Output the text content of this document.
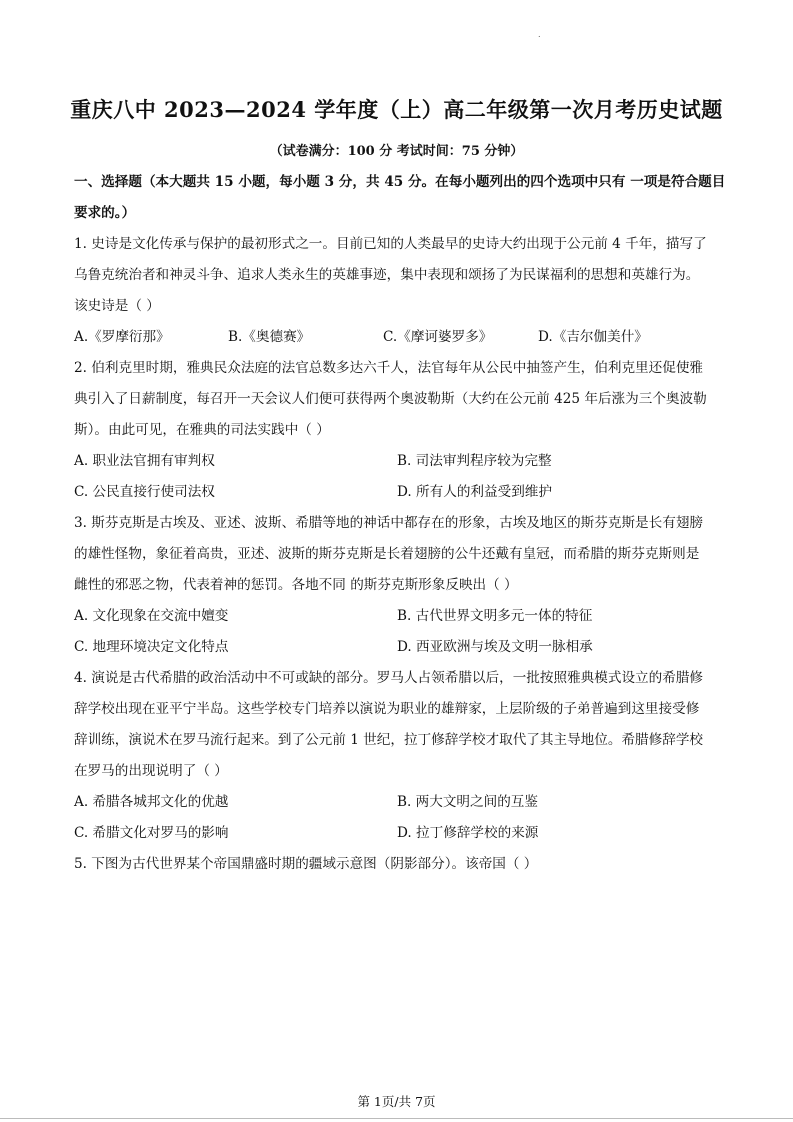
.
重庆八中 2023—2024 学年度（上）高二年级第一次月考历史试题
（试卷满分：100 分 考试时间：75 分钟）
一、选择题（本大题共 15 小题，每小题 3 分，共 45 分。在每小题列出的四个选项中只有 一项是符合题目
要求的。）
1. 史诗是文化传承与保护的最初形式之一。目前已知的人类最早的史诗大约出现于公元前 4 千年，描写了
乌鲁克统治者和神灵斗争、追求人类永生的英雄事迹，集中表现和颂扬了为民谋福利的思想和英雄行为。
该史诗是（ ）
A.《罗摩衍那》	B.《奥德赛》	C.《摩诃婆罗多》	D.《吉尔伽美什》
2. 伯利克里时期，雅典民众法庭的法官总数多达六千人，法官每年从公民中抽签产生，伯利克里还促使雅
典引入了日薪制度，每召开一天会议人们便可获得两个奥波勒斯（大约在公元前 425 年后涨为三个奥波勒
斯）。由此可见，在雅典的司法实践中（ ）
A. 职业法官拥有审判权	B. 司法审判程序较为完整
C. 公民直接行使司法权	D. 所有人的利益受到维护
3. 斯芬克斯是古埃及、亚述、波斯、希腊等地的神话中都存在的形象，古埃及地区的斯芬克斯是长有翅膀
的雄性怪物，象征着高贵，亚述、波斯的斯芬克斯是长着翅膀的公牛还戴有皇冠，而希腊的斯芬克斯则是
雌性的邪恶之物，代表着神的惩罚。各地不同 的斯芬克斯形象反映出（ ）
A. 文化现象在交流中嬗变	B. 古代世界文明多元一体的特征
C. 地理环境决定文化特点	D. 西亚欧洲与埃及文明一脉相承
4. 演说是古代希腊的政治活动中不可或缺的部分。罗马人占领希腊以后，一批按照雅典模式设立的希腊修
辞学校出现在亚平宁半岛。这些学校专门培养以演说为职业的雄辩家，上层阶级的子弟普遍到这里接受修
辞训练，演说术在罗马流行起来。到了公元前 1 世纪，拉丁修辞学校才取代了其主导地位。希腊修辞学校
在罗马的出现说明了（ ）
A. 希腊各城邦文化的优越	B. 两大文明之间的互鉴
C. 希腊文化对罗马的影响	D. 拉丁修辞学校的来源
5. 下图为古代世界某个帝国鼎盛时期的疆域示意图（阴影部分）。该帝国（ ）
第 1页/共 7页
